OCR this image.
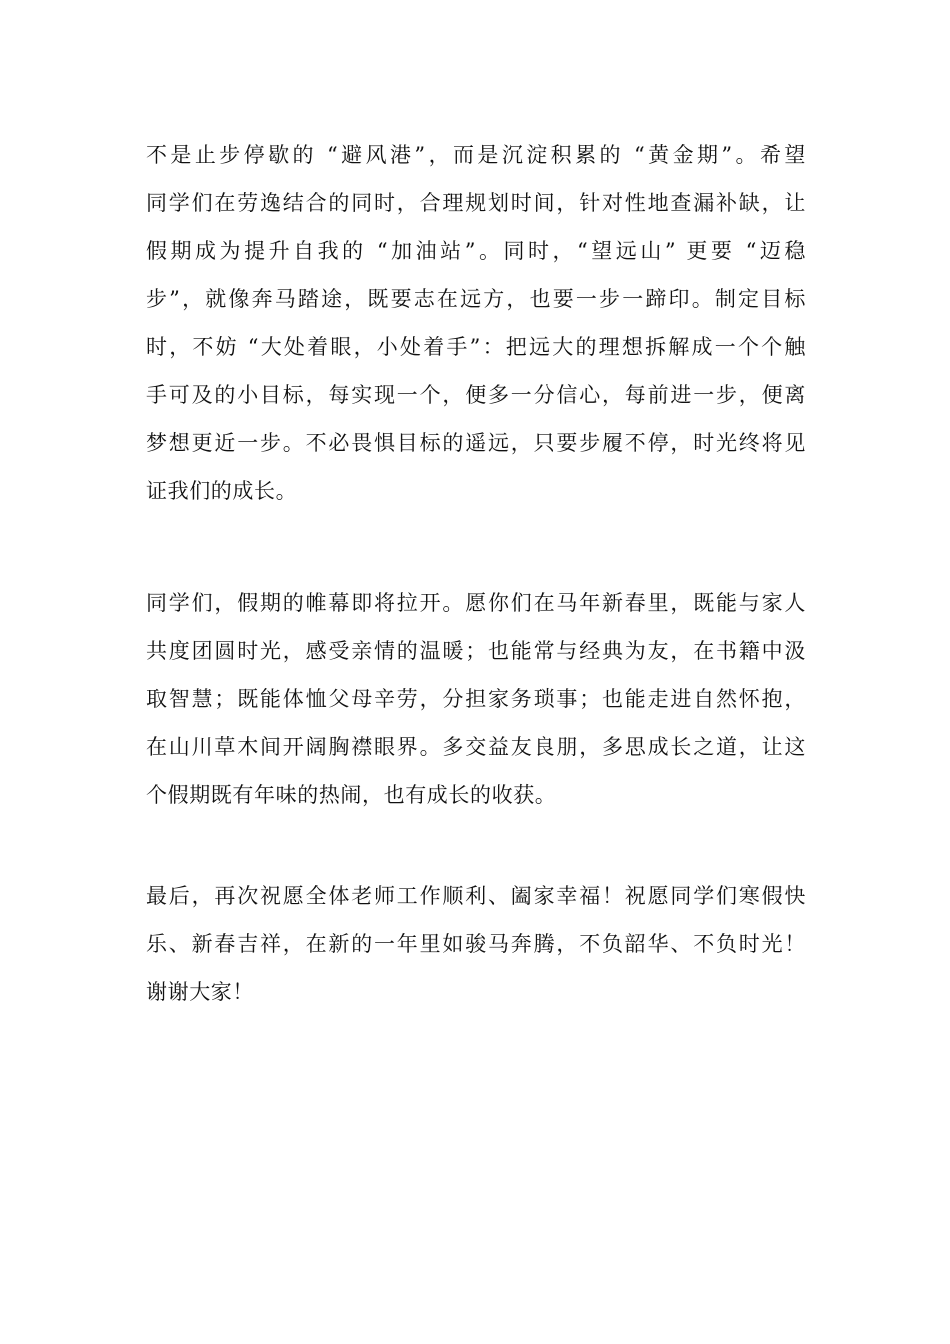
不是止步停歇的 “避风港”，而是沉淀积累的 “黄金期”。希望
同学们在劳逸结合的同时，合理规划时间，针对性地查漏补缺，让
假期成为提升自我的 “加油站”。同时，“望远山” 更要 “迈稳
步”，就像奔马踏途，既要志在远方，也要一步一蹄印。制定目标
时，不妨 “大处着眼，小处着手”：把远大的理想拆解成一个个触
手可及的小目标，每实现一个，便多一分信心，每前进一步，便离
梦想更近一步。不必畏惧目标的遥远，只要步履不停，时光终将见
证我们的成长。
同学们，假期的帷幕即将拉开。愿你们在马年新春里，既能与家人
共度团圆时光，感受亲情的温暖；也能常与经典为友，在书籍中汲
取智慧；既能体恤父母辛劳，分担家务琐事；也能走进自然怀抱，
在山川草木间开阔胸襟眼界。多交益友良朋，多思成长之道，让这
个假期既有年味的热闹，也有成长的收获。
最后，再次祝愿全体老师工作顺利、阖家幸福！祝愿同学们寒假快
乐、新春吉祥，在新的一年里如骏马奔腾，不负韶华、不负时光！
谢谢大家！
